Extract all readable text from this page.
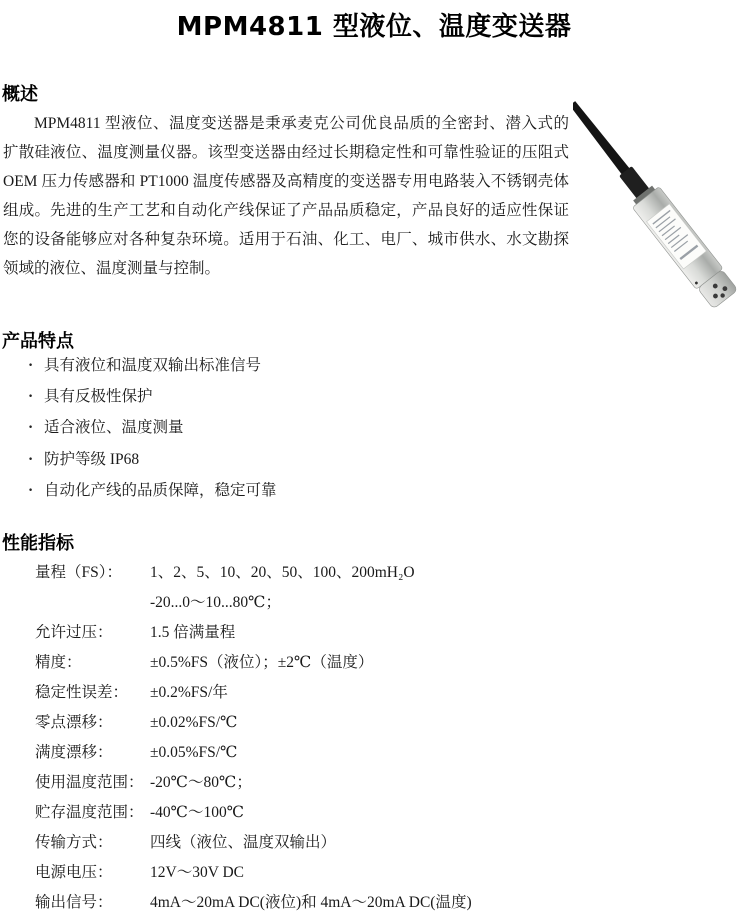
MPM4811 型液位、温度变送器
概述
MPM4811 型液位、温度变送器是秉承麦克公司优良品质的全密封、潜入式的扩散硅液位、温度测量仪器。该型变送器由经过长期稳定性和可靠性验证的压阻式 OEM 压力传感器和 PT1000 温度传感器及高精度的变送器专用电路装入不锈钢壳体组成。先进的生产工艺和自动化产线保证了产品品质稳定，产品良好的适应性保证您的设备能够应对各种复杂环境。适用于石油、化工、电厂、城市供水、水文勘探领域的液位、温度测量与控制。
产品特点
· 具有液位和温度双输出标准信号
· 具有反极性保护
· 适合液位、温度测量
· 防护等级 IP68
· 自动化产线的品质保障，稳定可靠
性能指标
量程（FS）：	1、2、5、10、20、50、100、200mH₂O
-20...0～10...80℃；
允许过压：	1.5 倍满量程
精度：	±0.5%FS（液位）；±2℃（温度）
稳定性误差：	±0.2%FS/年
零点漂移：	±0.02%FS/℃
满度漂移：	±0.05%FS/℃
使用温度范围： -20℃～80℃；
贮存温度范围： -40℃～100℃
传输方式：	四线（液位、温度双输出）
电源电压：	12V～30V DC
输出信号：	4mA～20mA DC(液位)和 4mA～20mA DC(温度)
